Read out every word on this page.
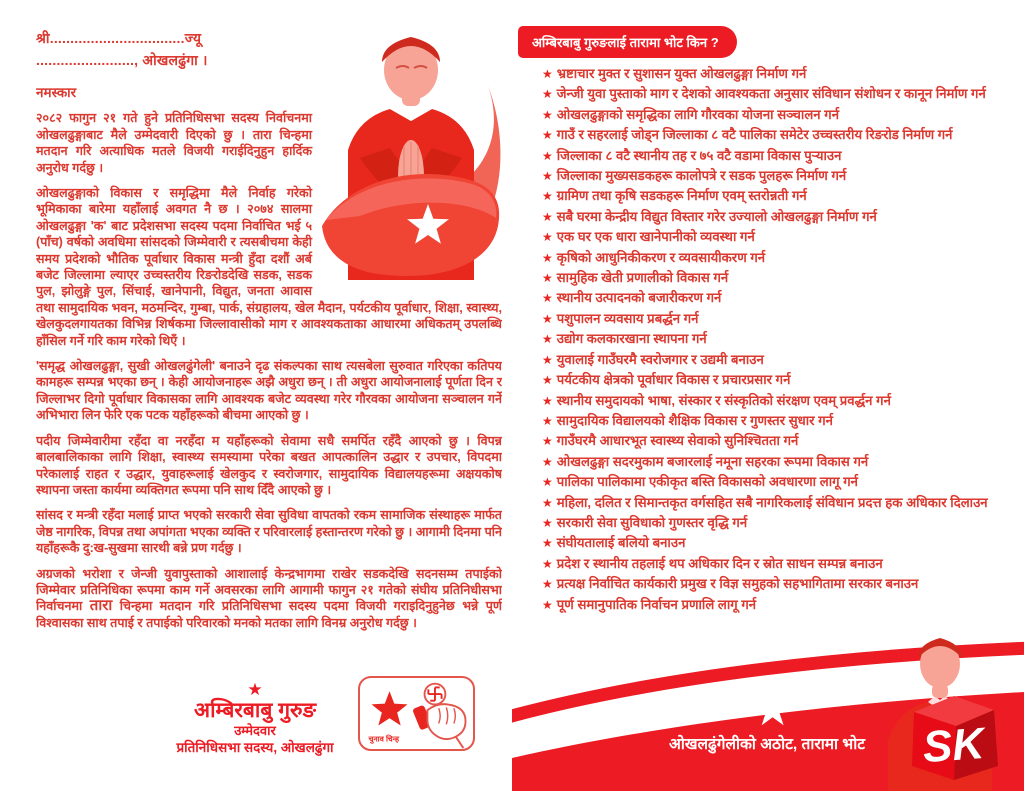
श्री.................................ज्यू
........................, ओखलढुंगा ।
नमस्कार

२०८२ फागुन २१ गते हुने प्रतिनिधिसभा सदस्य निर्वाचनमा ओखलढुङ्गाबाट मैले उम्मेदवारी दिएको छु । तारा चिन्हमा मतदान गरि अत्याधिक मतले विजयी गराईदिनुहुन हार्दिक अनुरोध गर्दछु ।

ओखलढुङ्गाको विकास र समृद्धिमा मैले निर्वाह गरेको भूमिकाका बारेमा यहाँलाई अवगत नै छ । २०७४ सालमा ओखलढुङ्गा 'क' बाट प्रदेशसभा सदस्य पदमा निर्वाचित भई ५ (पाँच) वर्षको अवधिमा सांसदको जिम्मेवारी र त्यसबीचमा केही समय प्रदेशको भौतिक पूर्वाधार विकास मन्त्री हुँदा दशौं अर्ब बजेट जिल्लामा ल्याएर उच्चस्तरीय रिङरोडदेखि सडक, सडक पुल, झोलुङ्गे पुल, सिंचाई, खानेपानी, विद्युत, जनता आवास तथा सामुदायिक भवन, मठमन्दिर, गुम्बा, पार्क, संग्रहालय, खेल मैदान, पर्यटकीय पूर्वाधार, शिक्षा, स्वास्थ्य, खेलकुदलगायतका विभिन्न शिर्षकमा जिल्लावासीको माग र आवश्यकताका आधारमा अधिकतम् उपलब्धि हाँसिल गर्ने गरि काम गरेको थिएँ ।

'समृद्ध ओखलढुङ्गा, सुखी ओखलढुंगेली' बनाउने दृढ संकल्पका साथ त्यसबेला सुरुवात गरिएका कतिपय कामहरू सम्पन्न भएका छन् । केही आयोजनाहरू अझै अधुरा छन् । ती अधुरा आयोजनालाई पूर्णता दिन र जिल्लाभर दिगो पूर्वाधार विकासका लागि आवश्यक बजेट व्यवस्था गरेर गौरवका आयोजना सञ्चालन गर्ने अभिभारा लिन फेरि एक पटक यहाँहरूको बीचमा आएको छु ।

पदीय जिम्मेवारीमा रहँदा वा नरहँदा म यहाँहरूको सेवामा सधै समर्पित रहँदै आएको छु । विपन्न बालबालिकाका लागि शिक्षा, स्वास्थ्य समस्यामा परेका बखत आपत्कालिन उद्धार र उपचार, विपदमा परेकालाई राहत र उद्धार, युवाहरूलाई खेलकुद र स्वरोजगार, सामुदायिक विद्यालयहरूमा अक्षयकोष स्थापना जस्ता कार्यमा व्यक्तिगत रूपमा पनि साथ दिँदै आएको छु ।

सांसद र मन्त्री रहँदा मलाई प्राप्त भएको सरकारी सेवा सुविधा वापतको रकम सामाजिक संस्थाहरू मार्फत जेष्ठ नागरिक, विपन्न तथा अपांगता भएका व्यक्ति र परिवारलाई हस्तान्तरण गरेको छु । आगामी दिनमा पनि यहाँहरूकै दु:ख-सुखमा सारथी बन्ने प्रण गर्दछु ।

अग्रजको भरोशा र जेन्जी युवापुस्ताको आशालाई केन्द्रभागमा राखेर सडकदेखि सदनसम्म तपाईको जिम्मेवार प्रतिनिधिका रूपमा काम गर्ने अवसरका लागि आगामी फागुन २१ गतेको संघीय प्रतिनिधीसभा निर्वाचनमा तारा चिन्हमा मतदान गरि प्रतिनिधिसभा सदस्य पदमा विजयी गराइदिनुहुनेछ भन्ने पूर्ण विश्वासका साथ तपाई र तपाईको परिवारको मनको मतका लागि विनम्र अनुरोध गर्दछु ।

★
अम्बिरबाबु गुरुङ
उम्मेदवार
प्रतिनिधिसभा सदस्य, ओखलढुंगा
चुनाव चिन्ह
अम्बिरबाबु गुरुङलाई तारामा भोट किन ?
★ भ्रष्टाचार मुक्त र सुशासन युक्त ओखलढुङ्गा निर्माण गर्न
★ जेन्जी युवा पुस्ताको माग र देशको आवश्यकता अनुसार संविधान संशोधन र कानून निर्माण गर्न
★ ओखलढुङ्गाको समृद्धिका लागि गौरवका योजना सञ्चालन गर्न
★ गाउँ र सहरलाई जोड्न जिल्लाका ८ वटै पालिका समेटेर उच्चस्तरीय रिङरोड निर्माण गर्न
★ जिल्लाका ८ वटै स्थानीय तह र ७५ वटै वडामा विकास पुऱ्याउन
★ जिल्लाका मुख्यसडकहरू कालोपत्रे र सडक पुलहरू निर्माण गर्न
★ ग्रामिण तथा कृषि सडकहरू निर्माण एवम् स्तरोन्नती गर्न
★ सबै घरमा केन्द्रीय विद्युत विस्तार गरेर उज्यालो ओखलढुङ्गा निर्माण गर्न
★ एक घर एक धारा खानेपानीको व्यवस्था गर्न
★ कृषिको आधुनिकीकरण र व्यवसायीकरण गर्न
★ सामुहिक खेती प्रणालीको विकास गर्न
★ स्थानीय उत्पादनको बजारीकरण गर्न
★ पशुपालन व्यवसाय प्रबर्द्धन गर्न
★ उद्योग कलकारखाना स्थापना गर्न
★ युवालाई गाउँघरमै स्वरोजगार र उद्यमी बनाउन
★ पर्यटकीय क्षेत्रको पूर्वाधार विकास र प्रचारप्रसार गर्न
★ स्थानीय समुदायको भाषा, संस्कार र संस्कृतिको संरक्षण एवम् प्रवर्द्धन गर्न
★ सामुदायिक विद्यालयको शैक्षिक विकास र गुणस्तर सुधार गर्न
★ गाउँघरमै आधारभूत स्वास्थ्य सेवाको सुनिश्चितता गर्न
★ ओखलढुङ्गा सदरमुकाम बजारलाई नमूना सहरका रूपमा विकास गर्न
★ पालिका पालिकामा एकीकृत बस्ति विकासको अवधारणा लागू गर्न
★ महिला, दलित र सिमान्तकृत वर्गसहित सबै नागरिकलाई संविधान प्रदत्त हक अधिकार दिलाउन
★ सरकारी सेवा सुविधाको गुणस्तर वृद्धि गर्न
★ संघीयतालाई बलियो बनाउन
★ प्रदेश र स्थानीय तहलाई थप अधिकार दिन र स्रोत साधन सम्पन्न बनाउन
★ प्रत्यक्ष निर्वाचित कार्यकारी प्रमुख र विज्ञ समुहको सहभागितामा सरकार बनाउन
★ पूर्ण समानुपातिक निर्वाचन प्रणालि लागू गर्न
★
ओखलढुंगेलीको अठोट, तारामा भोट	SK
